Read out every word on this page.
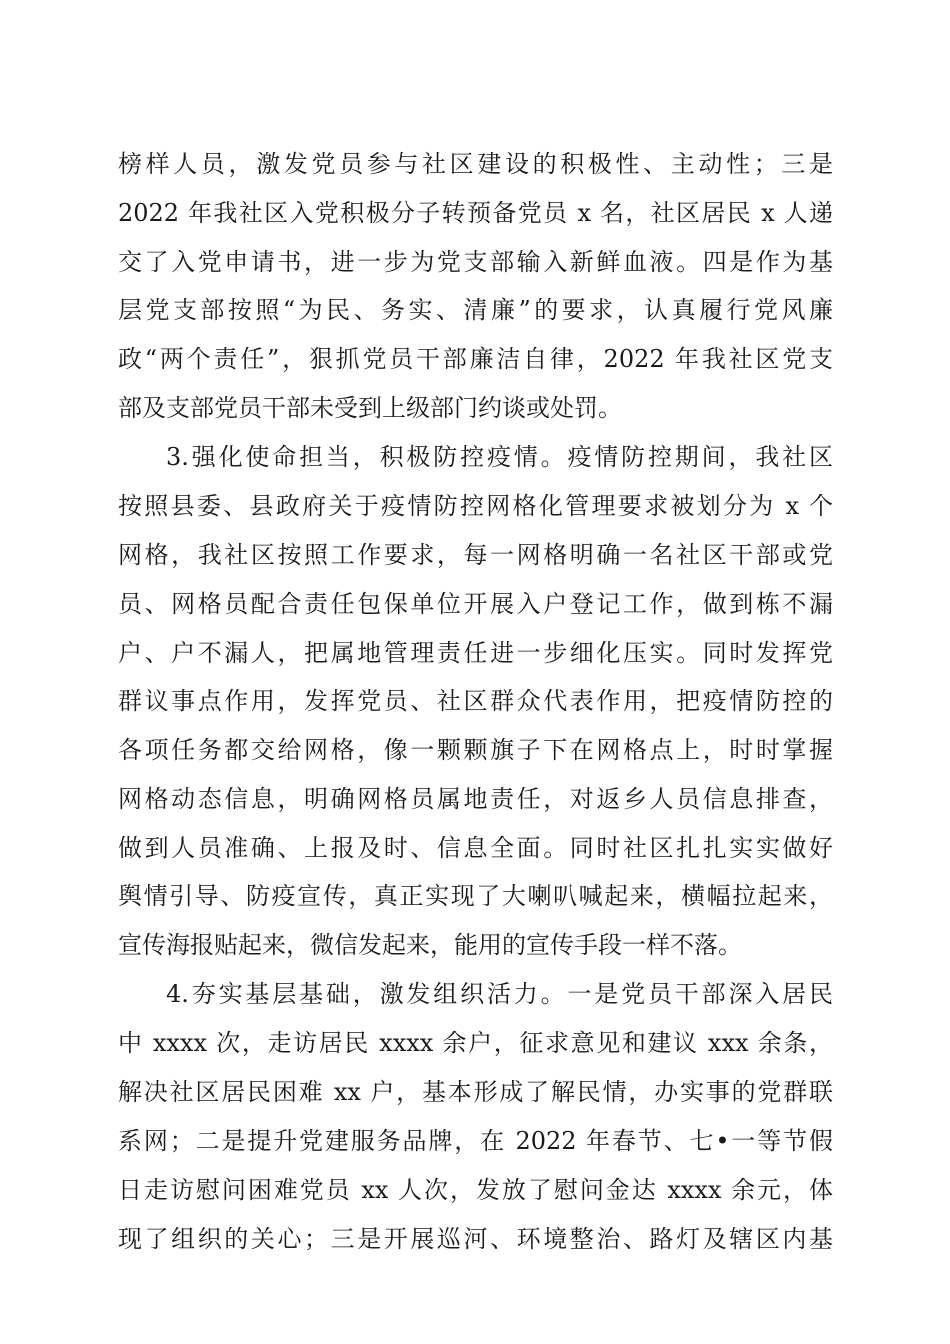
榜样人员，激发党员参与社区建设的积极性、主动性；三是
2022 年我社区入党积极分子转预备党员 x 名，社区居民 x 人递
交了入党申请书，进一步为党支部输入新鲜血液。四是作为基
层党支部按照“为民、务实、清廉”的要求，认真履行党风廉
政“两个责任”，狠抓党员干部廉洁自律，2022 年我社区党支
部及支部党员干部未受到上级部门约谈或处罚。
3.强化使命担当，积极防控疫情。疫情防控期间，我社区
按照县委、县政府关于疫情防控网格化管理要求被划分为 x 个
网格，我社区按照工作要求，每一网格明确一名社区干部或党
员、网格员配合责任包保单位开展入户登记工作，做到栋不漏
户、户不漏人，把属地管理责任进一步细化压实。同时发挥党
群议事点作用，发挥党员、社区群众代表作用，把疫情防控的
各项任务都交给网格，像一颗颗旗子下在网格点上，时时掌握
网格动态信息，明确网格员属地责任，对返乡人员信息排查，
做到人员准确、上报及时、信息全面。同时社区扎扎实实做好
舆情引导、防疫宣传，真正实现了大喇叭喊起来，横幅拉起来，
宣传海报贴起来，微信发起来，能用的宣传手段一样不落。
4.夯实基层基础，激发组织活力。一是党员干部深入居民
中 xxxx 次，走访居民 xxxx 余户，征求意见和建议 xxx 余条，
解决社区居民困难 xx 户，基本形成了解民情，办实事的党群联
系网；二是提升党建服务品牌，在 2022 年春节、七•一等节假
日走访慰问困难党员 xx 人次，发放了慰问金达 xxxx 余元，体
现了组织的关心；三是开展巡河、环境整治、路灯及辖区内基
